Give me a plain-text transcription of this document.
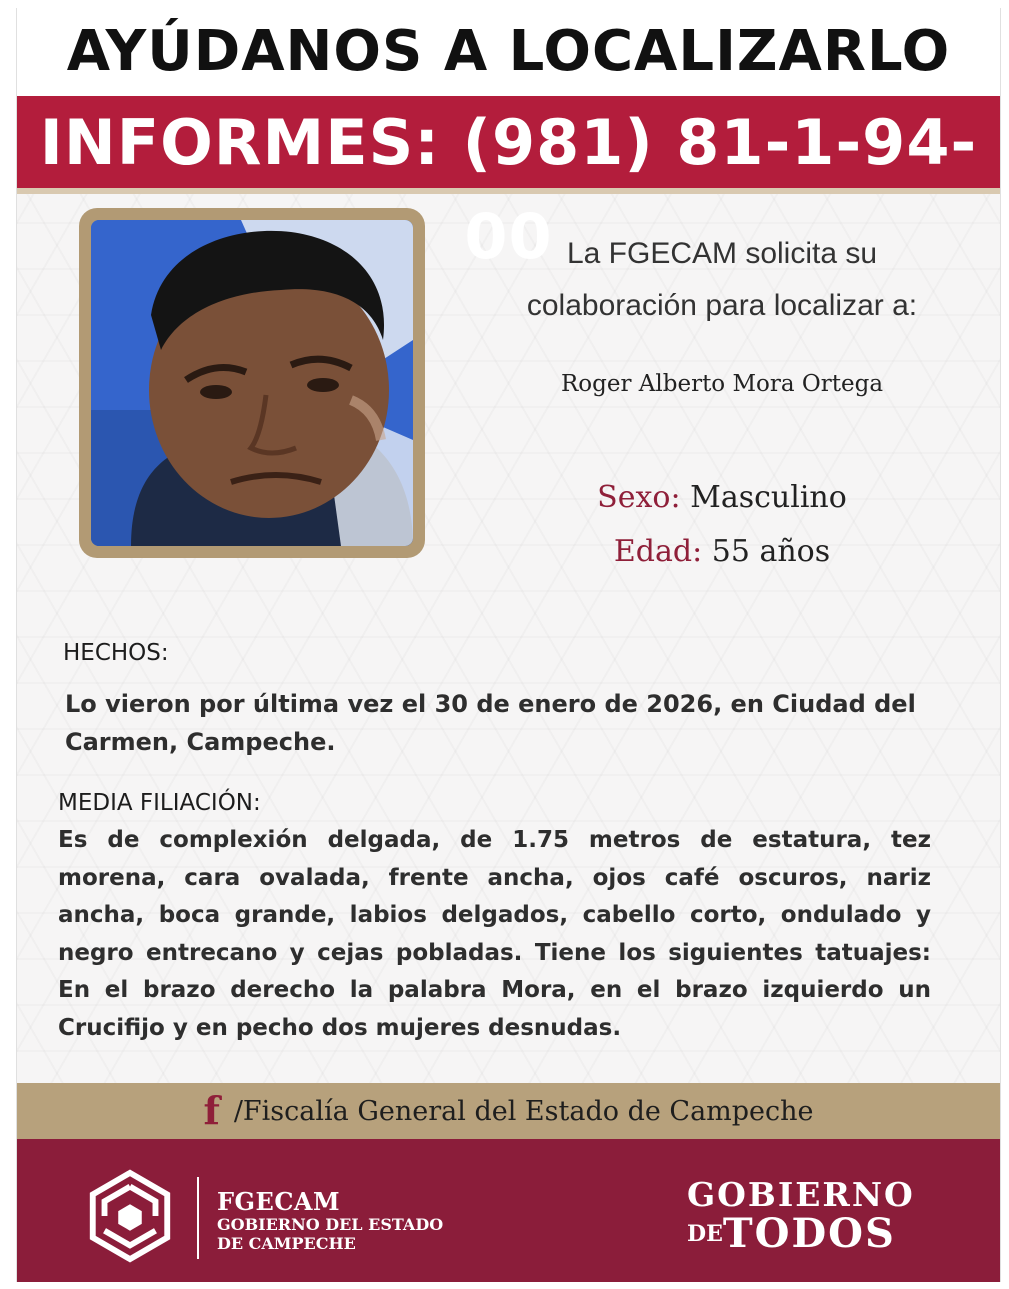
AYÚDANOS A LOCALIZARLO
INFORMES: (981) 81-1-94-00 La FGECAM solicita su
colaboración para localizar a:
Roger Alberto Mora Ortega
Sexo: Masculino
Edad: 55 años
HECHOS:
Lo vieron por última vez el 30 de enero de 2026, en Ciudad del Carmen, Campeche.
MEDIA FILIACIÓN:
Es de complexión delgada, de 1.75 metros de estatura, tez morena, cara ovalada, frente ancha, ojos café oscuros, nariz ancha, boca grande, labios delgados, cabello corto, ondulado y negro entrecano y cejas pobladas. Tiene los siguientes tatuajes: En el brazo derecho la palabra Mora, en el brazo izquierdo un Crucifijo y en pecho dos mujeres desnudas.
f /Fiscalía General del Estado de Campeche
FGECAM
GOBIERNO DEL ESTADO
DE CAMPECHE
GOBIERNO
DETODOS
